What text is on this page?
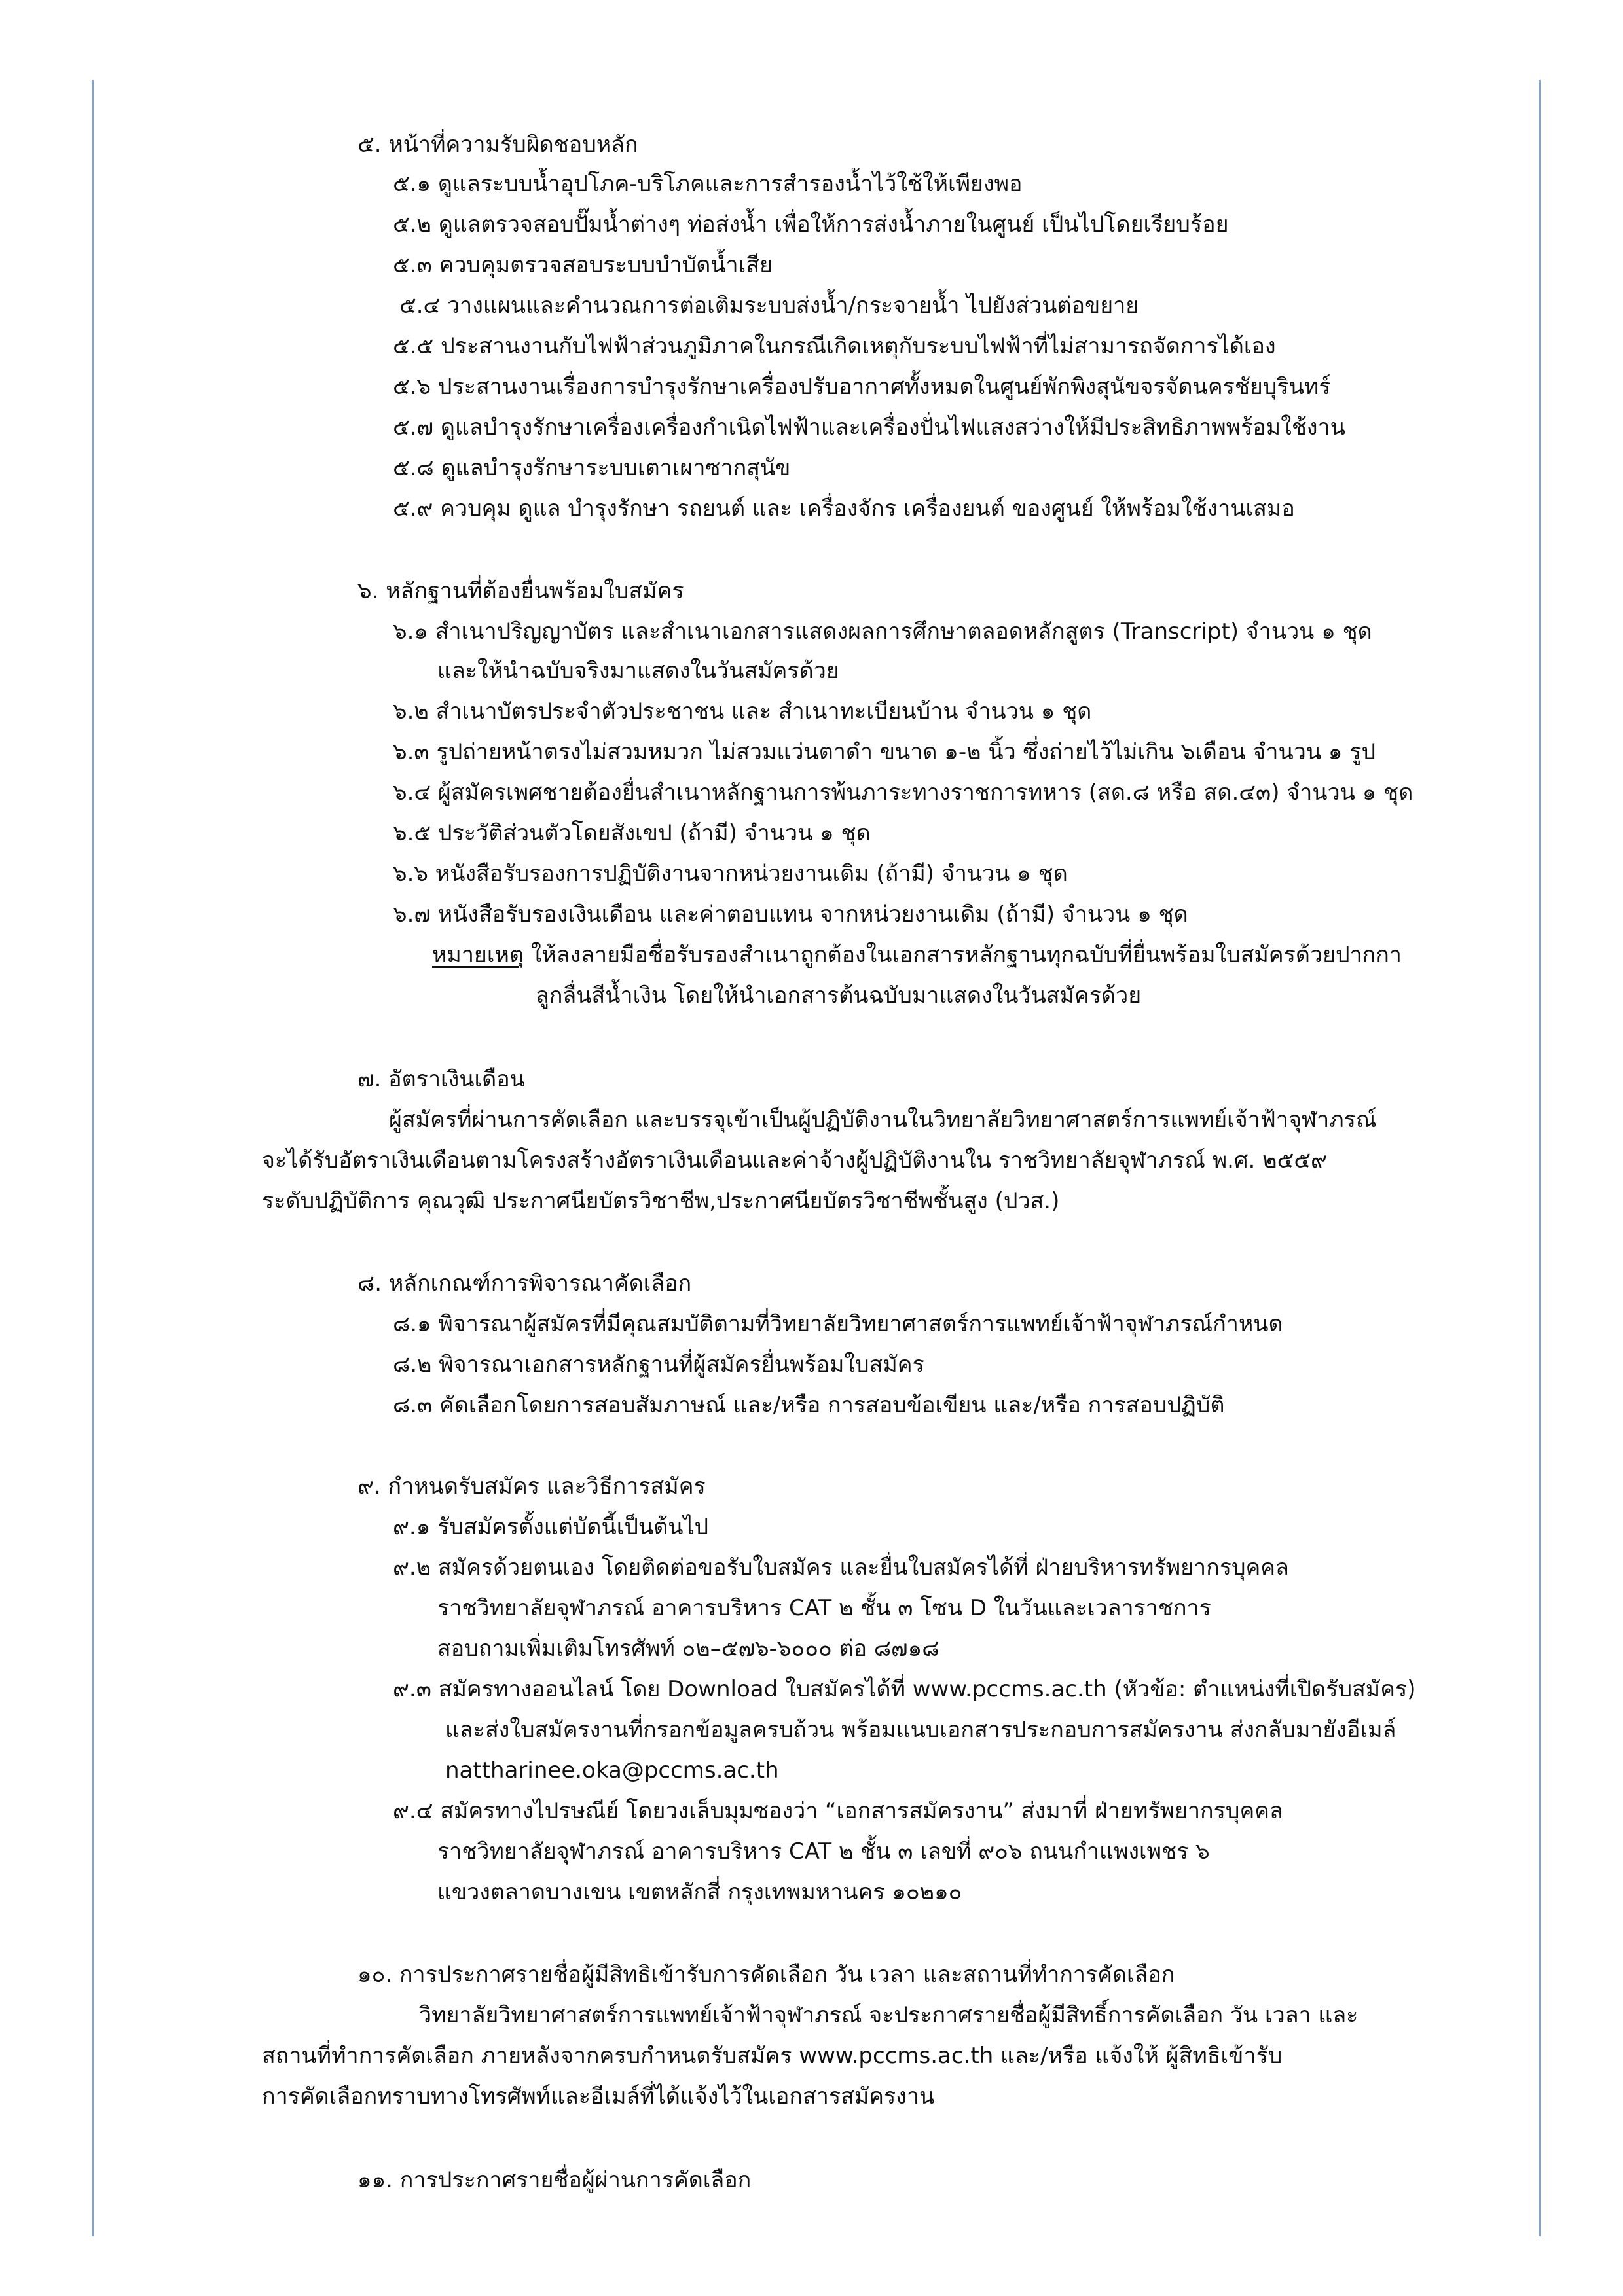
๕. หน้าที่ความรับผิดชอบหลัก
๕.๑ ดูแลระบบน้ำอุปโภค-บริโภคและการสำรองน้ำไว้ใช้ให้เพียงพอ
๕.๒ ดูแลตรวจสอบปั๊มน้ำต่างๆ ท่อส่งน้ำ เพื่อให้การส่งน้ำภายในศูนย์ เป็นไปโดยเรียบร้อย
๕.๓ ควบคุมตรวจสอบระบบบำบัดน้ำเสีย
๕.๔ วางแผนและคำนวณการต่อเติมระบบส่งน้ำ/กระจายน้ำ ไปยังส่วนต่อขยาย
๕.๕ ประสานงานกับไฟฟ้าส่วนภูมิภาคในกรณีเกิดเหตุกับระบบไฟฟ้าที่ไม่สามารถจัดการได้เอง
๕.๖ ประสานงานเรื่องการบำรุงรักษาเครื่องปรับอากาศทั้งหมดในศูนย์พักพิงสุนัขจรจัดนครชัยบุรินทร์
๕.๗ ดูแลบำรุงรักษาเครื่องเครื่องกำเนิดไฟฟ้าและเครื่องปั่นไฟแสงสว่างให้มีประสิทธิภาพพร้อมใช้งาน
๕.๘ ดูแลบำรุงรักษาระบบเตาเผาซากสุนัข
๕.๙ ควบคุม ดูแล บำรุงรักษา รถยนต์ และ เครื่องจักร เครื่องยนต์ ของศูนย์ ให้พร้อมใช้งานเสมอ
๖. หลักฐานที่ต้องยื่นพร้อมใบสมัคร
๖.๑ สำเนาปริญญาบัตร และสำเนาเอกสารแสดงผลการศึกษาตลอดหลักสูตร (Transcript) จำนวน ๑ ชุด
และให้นำฉบับจริงมาแสดงในวันสมัครด้วย
๖.๒ สำเนาบัตรประจำตัวประชาชน และ สำเนาทะเบียนบ้าน จำนวน ๑ ชุด
๖.๓ รูปถ่ายหน้าตรงไม่สวมหมวก ไม่สวมแว่นตาดำ ขนาด ๑-๒ นิ้ว ซึ่งถ่ายไว้ไม่เกิน ๖เดือน จำนวน ๑ รูป
๖.๔ ผู้สมัครเพศชายต้องยื่นสำเนาหลักฐานการพ้นภาระทางราชการทหาร (สด.๘ หรือ สด.๔๓) จำนวน ๑ ชุด
๖.๕ ประวัติส่วนตัวโดยสังเขป (ถ้ามี) จำนวน ๑ ชุด
๖.๖ หนังสือรับรองการปฏิบัติงานจากหน่วยงานเดิม (ถ้ามี) จำนวน ๑ ชุด
๖.๗ หนังสือรับรองเงินเดือน และค่าตอบแทน จากหน่วยงานเดิม (ถ้ามี) จำนวน ๑ ชุด
หมายเหตุ ให้ลงลายมือชื่อรับรองสำเนาถูกต้องในเอกสารหลักฐานทุกฉบับที่ยื่นพร้อมใบสมัครด้วยปากกา
ลูกลื่นสีน้ำเงิน โดยให้นำเอกสารต้นฉบับมาแสดงในวันสมัครด้วย
๗. อัตราเงินเดือน
ผู้สมัครที่ผ่านการคัดเลือก และบรรจุเข้าเป็นผู้ปฏิบัติงานในวิทยาลัยวิทยาศาสตร์การแพทย์เจ้าฟ้าจุฬาภรณ์
จะได้รับอัตราเงินเดือนตามโครงสร้างอัตราเงินเดือนและค่าจ้างผู้ปฏิบัติงานใน ราชวิทยาลัยจุฬาภรณ์ พ.ศ. ๒๕๕๙
ระดับปฏิบัติการ คุณวุฒิ ประกาศนียบัตรวิชาชีพ,ประกาศนียบัตรวิชาชีพชั้นสูง (ปวส.)
๘. หลักเกณฑ์การพิจารณาคัดเลือก
๘.๑ พิจารณาผู้สมัครที่มีคุณสมบัติตามที่วิทยาลัยวิทยาศาสตร์การแพทย์เจ้าฟ้าจุฬาภรณ์กำหนด
๘.๒ พิจารณาเอกสารหลักฐานที่ผู้สมัครยื่นพร้อมใบสมัคร
๘.๓ คัดเลือกโดยการสอบสัมภาษณ์ และ/หรือ การสอบข้อเขียน และ/หรือ การสอบปฏิบัติ
๙. กำหนดรับสมัคร และวิธีการสมัคร
๙.๑ รับสมัครตั้งแต่บัดนี้เป็นต้นไป
๙.๒ สมัครด้วยตนเอง โดยติดต่อขอรับใบสมัคร และยื่นใบสมัครได้ที่ ฝ่ายบริหารทรัพยากรบุคคล
ราชวิทยาลัยจุฬาภรณ์ อาคารบริหาร CAT ๒ ชั้น ๓ โซน D ในวันและเวลาราชการ
สอบถามเพิ่มเติมโทรศัพท์ ๐๒–๕๗๖-๖๐๐๐ ต่อ ๘๗๑๘
๙.๓ สมัครทางออนไลน์ โดย Download ใบสมัครได้ที่ www.pccms.ac.th (หัวข้อ: ตำแหน่งที่เปิดรับสมัคร)
และส่งใบสมัครงานที่กรอกข้อมูลครบถ้วน พร้อมแนบเอกสารประกอบการสมัครงาน ส่งกลับมายังอีเมล์
nattharinee.oka@pccms.ac.th
๙.๔ สมัครทางไปรษณีย์ โดยวงเล็บมุมซองว่า “เอกสารสมัครงาน” ส่งมาที่ ฝ่ายทรัพยากรบุคคล
ราชวิทยาลัยจุฬาภรณ์ อาคารบริหาร CAT ๒ ชั้น ๓ เลขที่ ๙๐๖ ถนนกำแพงเพชร ๖
แขวงตลาดบางเขน เขตหลักสี่ กรุงเทพมหานคร ๑๐๒๑๐
๑๐. การประกาศรายชื่อผู้มีสิทธิเข้ารับการคัดเลือก วัน เวลา และสถานที่ทำการคัดเลือก
วิทยาลัยวิทยาศาสตร์การแพทย์เจ้าฟ้าจุฬาภรณ์ จะประกาศรายชื่อผู้มีสิทธิ์การคัดเลือก วัน เวลา และ
สถานที่ทำการคัดเลือก ภายหลังจากครบกำหนดรับสมัคร www.pccms.ac.th และ/หรือ แจ้งให้ ผู้สิทธิเข้ารับ
การคัดเลือกทราบทางโทรศัพท์และอีเมล์ที่ได้แจ้งไว้ในเอกสารสมัครงาน
๑๑. การประกาศรายชื่อผู้ผ่านการคัดเลือก
